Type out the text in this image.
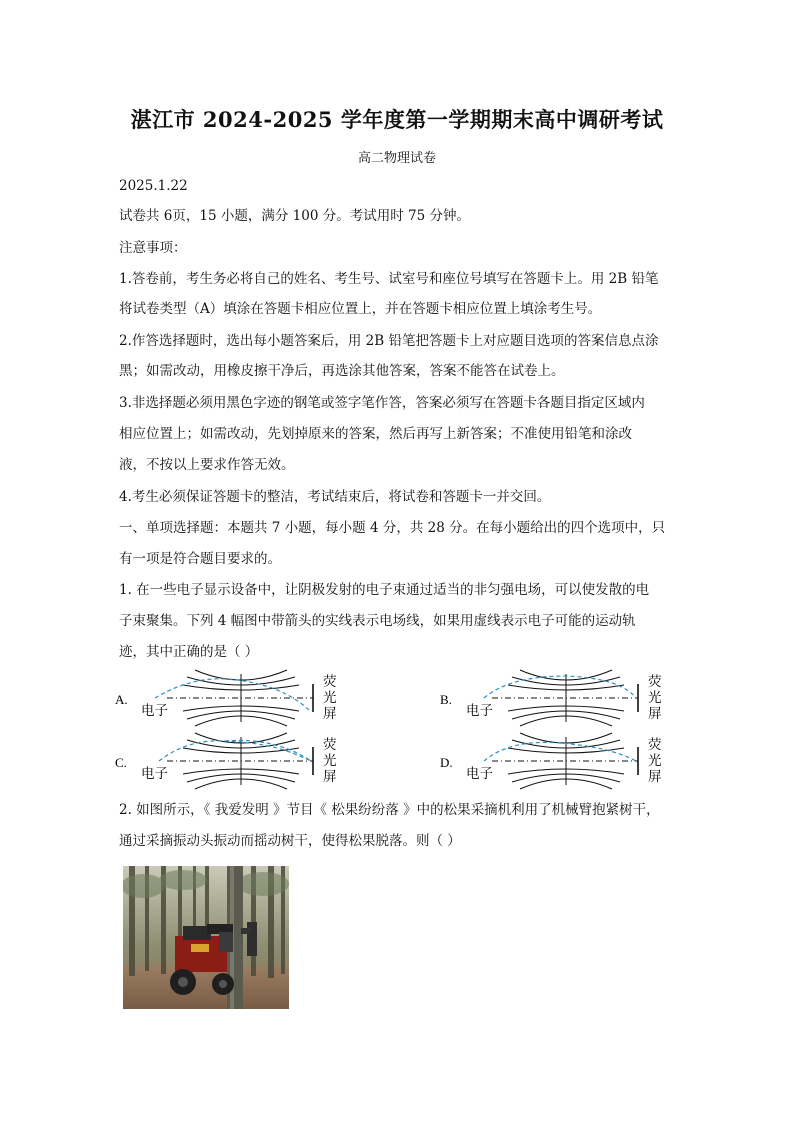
湛江市 2024-2025 学年度第一学期期末高中调研考试
高二物理试卷
2025.1.22
试卷共 6页，15 小题，满分 100 分。考试用时 75 分钟。
注意事项：
1.答卷前，考生务必将自己的姓名、考生号、试室号和座位号填写在答题卡上。用 2B 铅笔
将试卷类型（A）填涂在答题卡相应位置上，并在答题卡相应位置上填涂考生号。
2.作答选择题时，选出每小题答案后，用 2B 铅笔把答题卡上对应题目选项的答案信息点涂
黑；如需改动，用橡皮擦干净后，再选涂其他答案，答案不能答在试卷上。
3.非选择题必须用黑色字迹的钢笔或签字笔作答，答案必须写在答题卡各题目指定区域内
相应位置上；如需改动，先划掉原来的答案，然后再写上新答案；不准使用铅笔和涂改
液，不按以上要求作答无效。
4.考生必须保证答题卡的整洁，考试结束后，将试卷和答题卡一并交回。
一、单项选择题：本题共 7 小题，每小题 4 分，共 28 分。在每小题给出的四个选项中，只
有一项是符合题目要求的。
1. 在一些电子显示设备中，让阴极发射的电子束通过适当的非匀强电场，可以使发散的电
子束聚集。下列 4 幅图中带箭头的实线表示电场线，如果用虚线表示电子可能的运动轨
迹，其中正确的是（ ）
A.
电子
荧
光
屏
B.
电子
荧
光
屏
C.
电子
荧
光
屏
D.
电子
荧
光
屏
2. 如图所示，《 我爱发明 》节目《 松果纷纷落 》中的松果采摘机利用了机械臂抱紧树干，
通过采摘振动头振动而摇动树干，使得松果脱落。则（ ）
